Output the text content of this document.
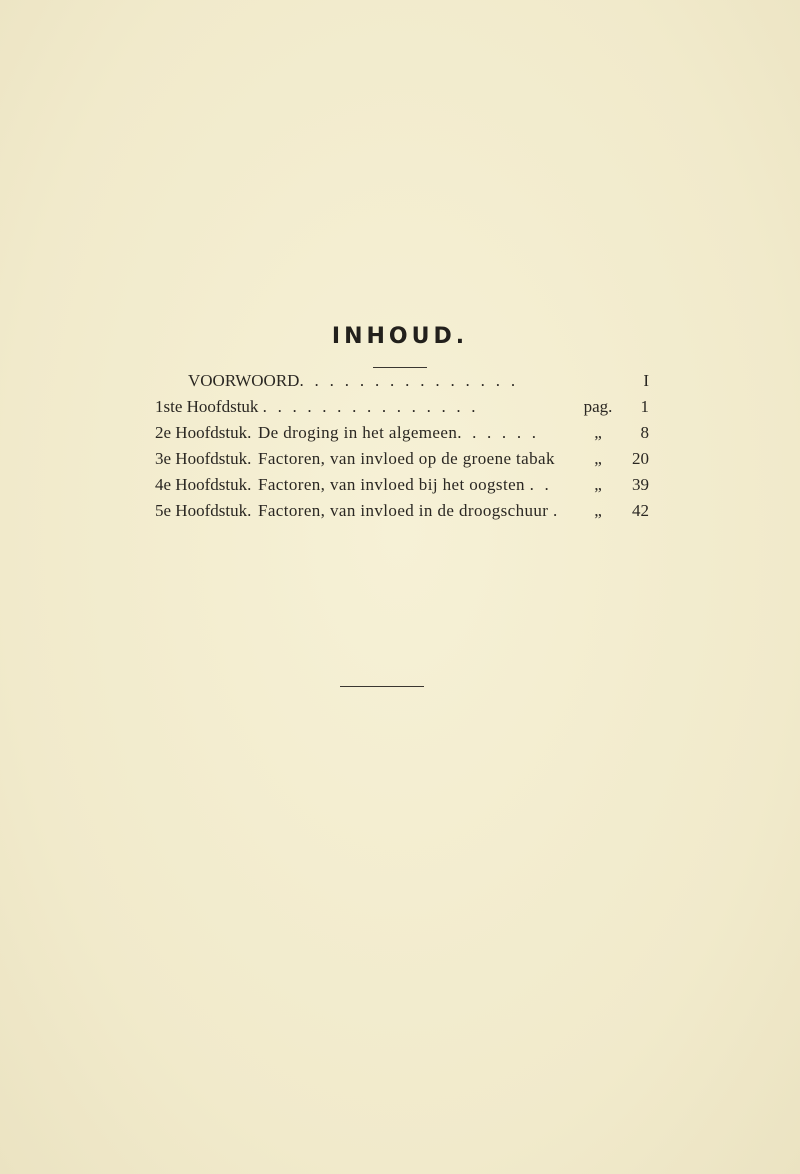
INHOUD.
VOORWOORD. . . . . . . . . . . . . . .	I
1ste Hoofdstuk . . . . . . . . . . . . . . .	pag.	1
2e Hoofdstuk. De droging in het algemeen. . . . . .	„	8
3e Hoofdstuk. Factoren, van invloed op de groene tabak	„	20
4e Hoofdstuk. Factoren, van invloed bij het oogsten . .	„	39
5e Hoofdstuk. Factoren, van invloed in de droogschuur .	„	42
